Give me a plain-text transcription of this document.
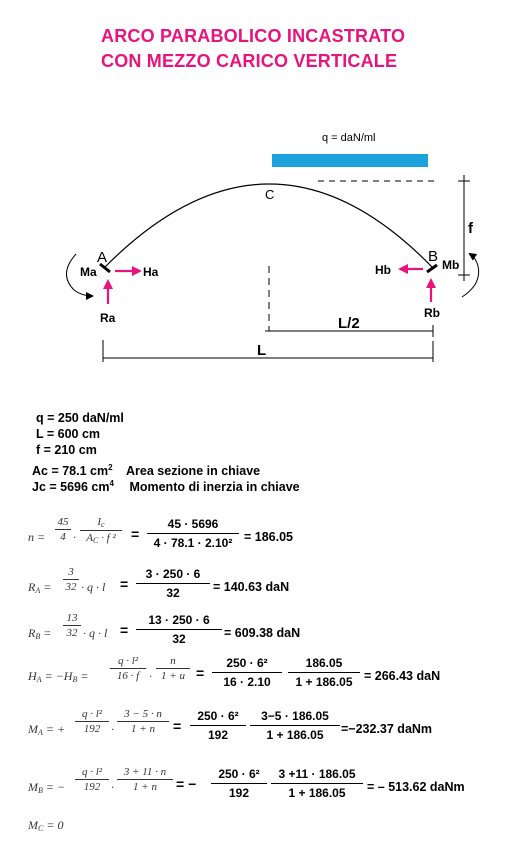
ARCO PARABOLICO INCASTRATO
CON MEZZO CARICO VERTICALE
q = daN/ml
f
C
L/2
L
A	B
Ha
Ra
Ma	Hb
Rb
Mb
q = 250 daN/ml
L = 600 cm
f = 210 cm
Ac = 78.1 $cm^2$ Area sezione in chiave
Jc = 5696 $cm^4$ Momento di inerzia in chiave
n =
45
4 ·
$I_c$
$A_C \cdot f$ ²	=
45 · 5696
4 · 78.1 · 2.10² = 186.05
$R_A$ =
3
32 · q · l =
3 · 250 · 6
32	= 140.63 daN
$R_B$ =
13
32 · q · l =
13 · 250 · 6
32	= 609.38 daN
$H_A = -H_B$ =
q · l²
16 · f ·
n
1 + u =
250 · 6²
16 · 2.10
186.05
1 + 186.05 = 266.43 daN
$M_A$ = +
q · l²
192 ·
3 − 5 · n
1 + n	=
250 · 6²
192
3−5 · 186.05
1 + 186.05	=−232.37 daNm
$M_B$ = −
q · l²
192 ·
3 + 11 · n
1 + n	= −
250 · 6²
192
3 +11 · 186.05
1 + 186.05	= – 513.62 daNm
$M_C = 0$
